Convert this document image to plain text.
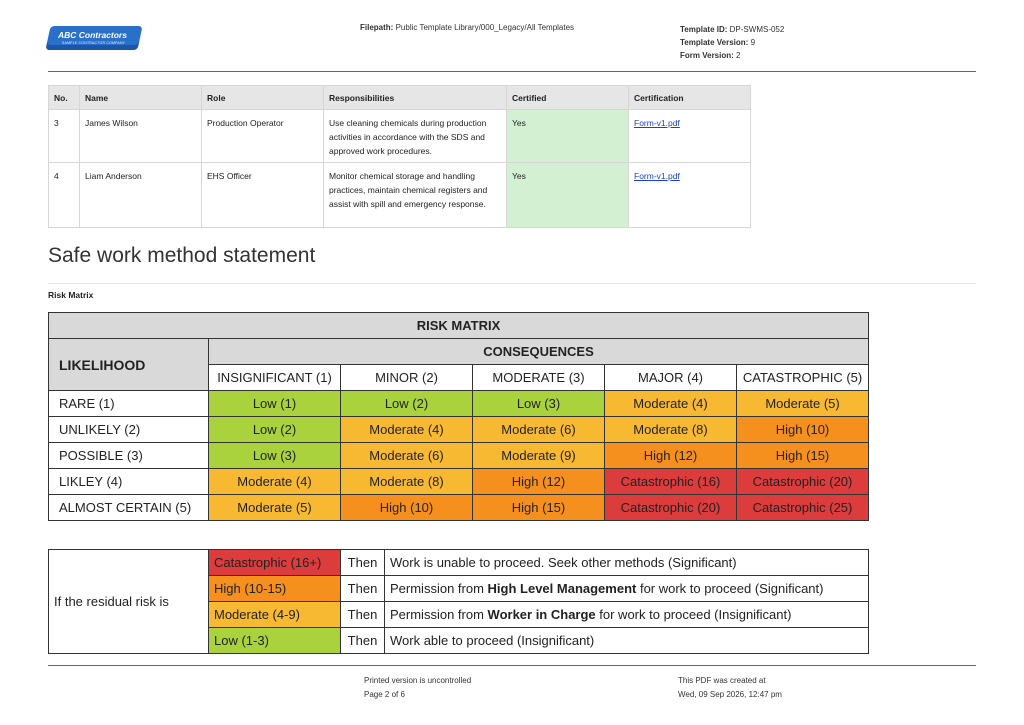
ABC Contractors
SAMPLE CONTRACTOR COMPANY
Filepath: Public Template Library/000_Legacy/All Templates	Template ID: DP-SWMS-052
Template Version: 9
Form Version: 2
No.	Name	Role	Responsibilities	Certified	Certification
3	James Wilson	Production Operator	Use cleaning chemicals during production activities in accordance with the SDS and approved work procedures.	Yes	Form-v1.pdf
4	Liam Anderson	EHS Officer	Monitor chemical storage and handling practices, maintain chemical registers and assist with spill and emergency response.	Yes	Form-v1.pdf
Safe work method statement
Risk Matrix
RISK MATRIX					
LIKELIHOOD	CONSEQUENCES				
	INSIGNIFICANT (1)	MINOR (2)	MODERATE (3)	MAJOR (4)	CATASTROPHIC (5)
RARE (1)	Low (1)	Low (2)	Low (3)	Moderate (4)	Moderate (5)
UNLIKELY (2)	Low (2)	Moderate (4)	Moderate (6)	Moderate (8)	High (10)
POSSIBLE (3)	Low (3)	Moderate (6)	Moderate (9)	High (12)	High (15)
LIKLEY (4)	Moderate (4)	Moderate (8)	High (12)	Catastrophic (16)	Catastrophic (20)
ALMOST CERTAIN (5)	Moderate (5)	High (10)	High (15)	Catastrophic (20)	Catastrophic (25)
If the residual risk is	Catastrophic (16+)	Then	Work is unable to proceed. Seek other methods (Significant)
	High (10-15)	Then	Permission from High Level Management for work to proceed (Significant)
	Moderate (4-9)	Then	Permission from Worker in Charge for work to proceed (Insignificant)
	Low (1-3)	Then	Work able to proceed (Insignificant)
Printed version is uncontrolled
Page 2 of 6
This PDF was created at
Wed, 09 Sep 2026, 12:47 pm
